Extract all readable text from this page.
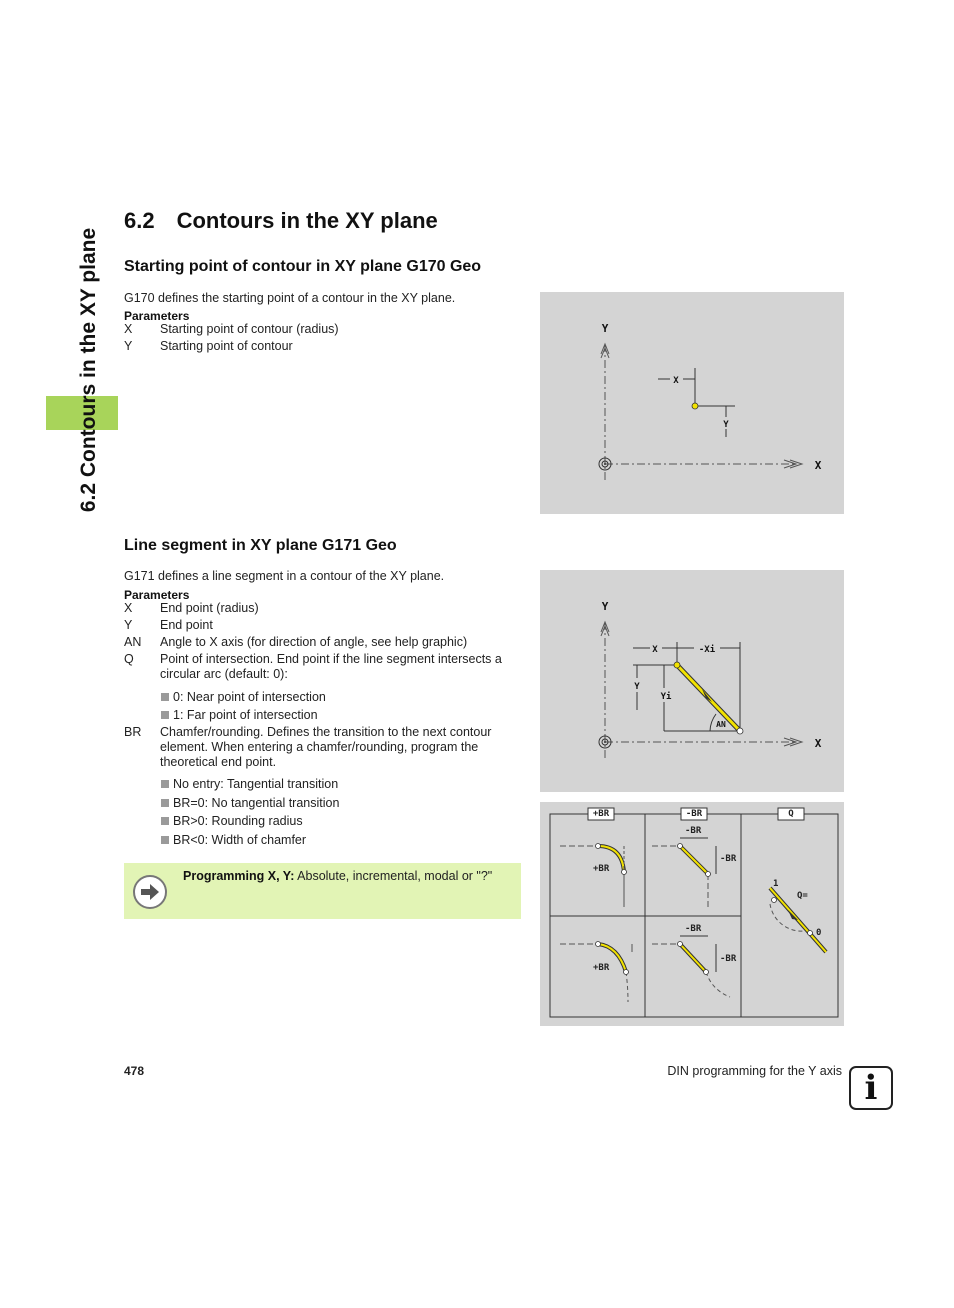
6.2 Contours in the XY plane
6.2 Contours in the XY plane
Starting point of contour in XY plane G170 Geo
G170 defines the starting point of a contour in the XY plane.
Parameters
X	Starting point of contour (radius)
Y	Starting point of contour
Y
X
X
Y
Line segment in XY plane G171 Geo
G171 defines a line segment in a contour of the XY plane.
Parameters
X	End point (radius)
Y	End point
AN	Angle to X axis (for direction of angle, see help graphic)
Q	Point of intersection. End point if the line segment intersects a circular arc (default: 0):
0: Near point of intersection
1: Far point of intersection
BR	Chamfer/rounding. Defines the transition to the next contour element. When entering a chamfer/rounding, program the theoretical end point.
No entry: Tangential transition
BR=0: No tangential transition
BR>0: Rounding radius
BR<0: Width of chamfer
Y
X
X	-Xi
Y
Yi
AN
+BR	-BR	Q
+BR
-BR
-BR
+BR
-BR
-BR
1
Q=
0
Programming X, Y: Absolute, incremental, modal or "?"
478	DIN programming for the Y axis i
